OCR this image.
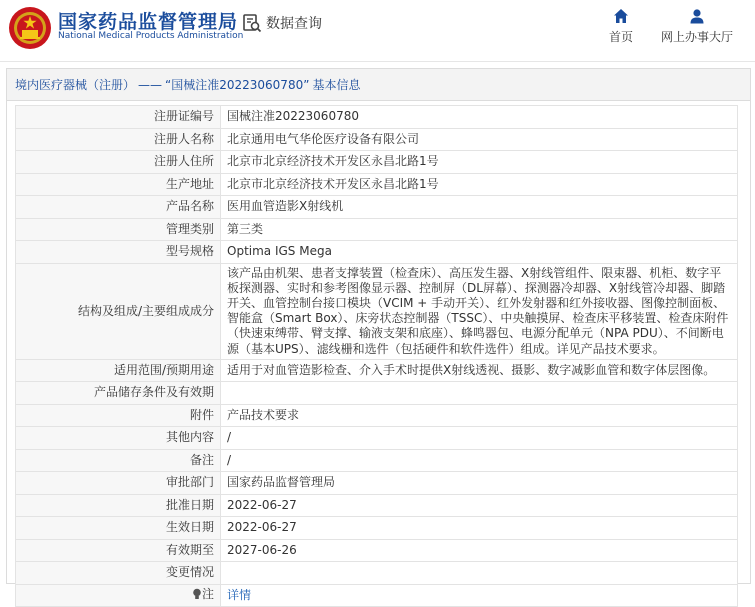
国家药品监督管理局
National Medical Products Administration
数据查询
首页 网上办事大厅
境内医疗器械（注册） —— “国械注准20223060780” 基本信息
注册证编号	国械注准20223060780
注册人名称	北京通用电气华伦医疗设备有限公司
注册人住所	北京市北京经济技术开发区永昌北路1号
生产地址	北京市北京经济技术开发区永昌北路1号
产品名称	医用血管造影X射线机
管理类别	第三类
型号规格	Optima IGS Mega
结构及组成/主要组成成分	该产品由机架、患者支撑装置（检查床）、高压发生器、X射线管组件、限束器、机柜、数字平板探测器、实时和参考图像显示器、控制屏（DL屏幕）、探测器冷却器、X射线管冷却器、脚踏开关、血管控制台接口模块（VCIM + 手动开关）、红外发射器和红外接收器、图像控制面板、智能盒（Smart Box）、床旁状态控制器（TSSC）、中央触摸屏、检查床平移装置、检查床附件（快速束缚带、臂支撑、输液支架和底座）、蜂鸣器包、电源分配单元（NPA PDU）、不间断电源（基本UPS）、滤线栅和选件（包括硬件和软件选件）组成。详见产品技术要求。
适用范围/预期用途	适用于对血管造影检查、介入手术时提供X射线透视、摄影、数字减影血管和数字体层图像。
产品储存条件及有效期	
附件	产品技术要求
其他内容	/
备注	/
审批部门	国家药品监督管理局
批准日期	2022-06-27
生效日期	2022-06-27
有效期至	2027-06-26
变更情况	

注	详情
